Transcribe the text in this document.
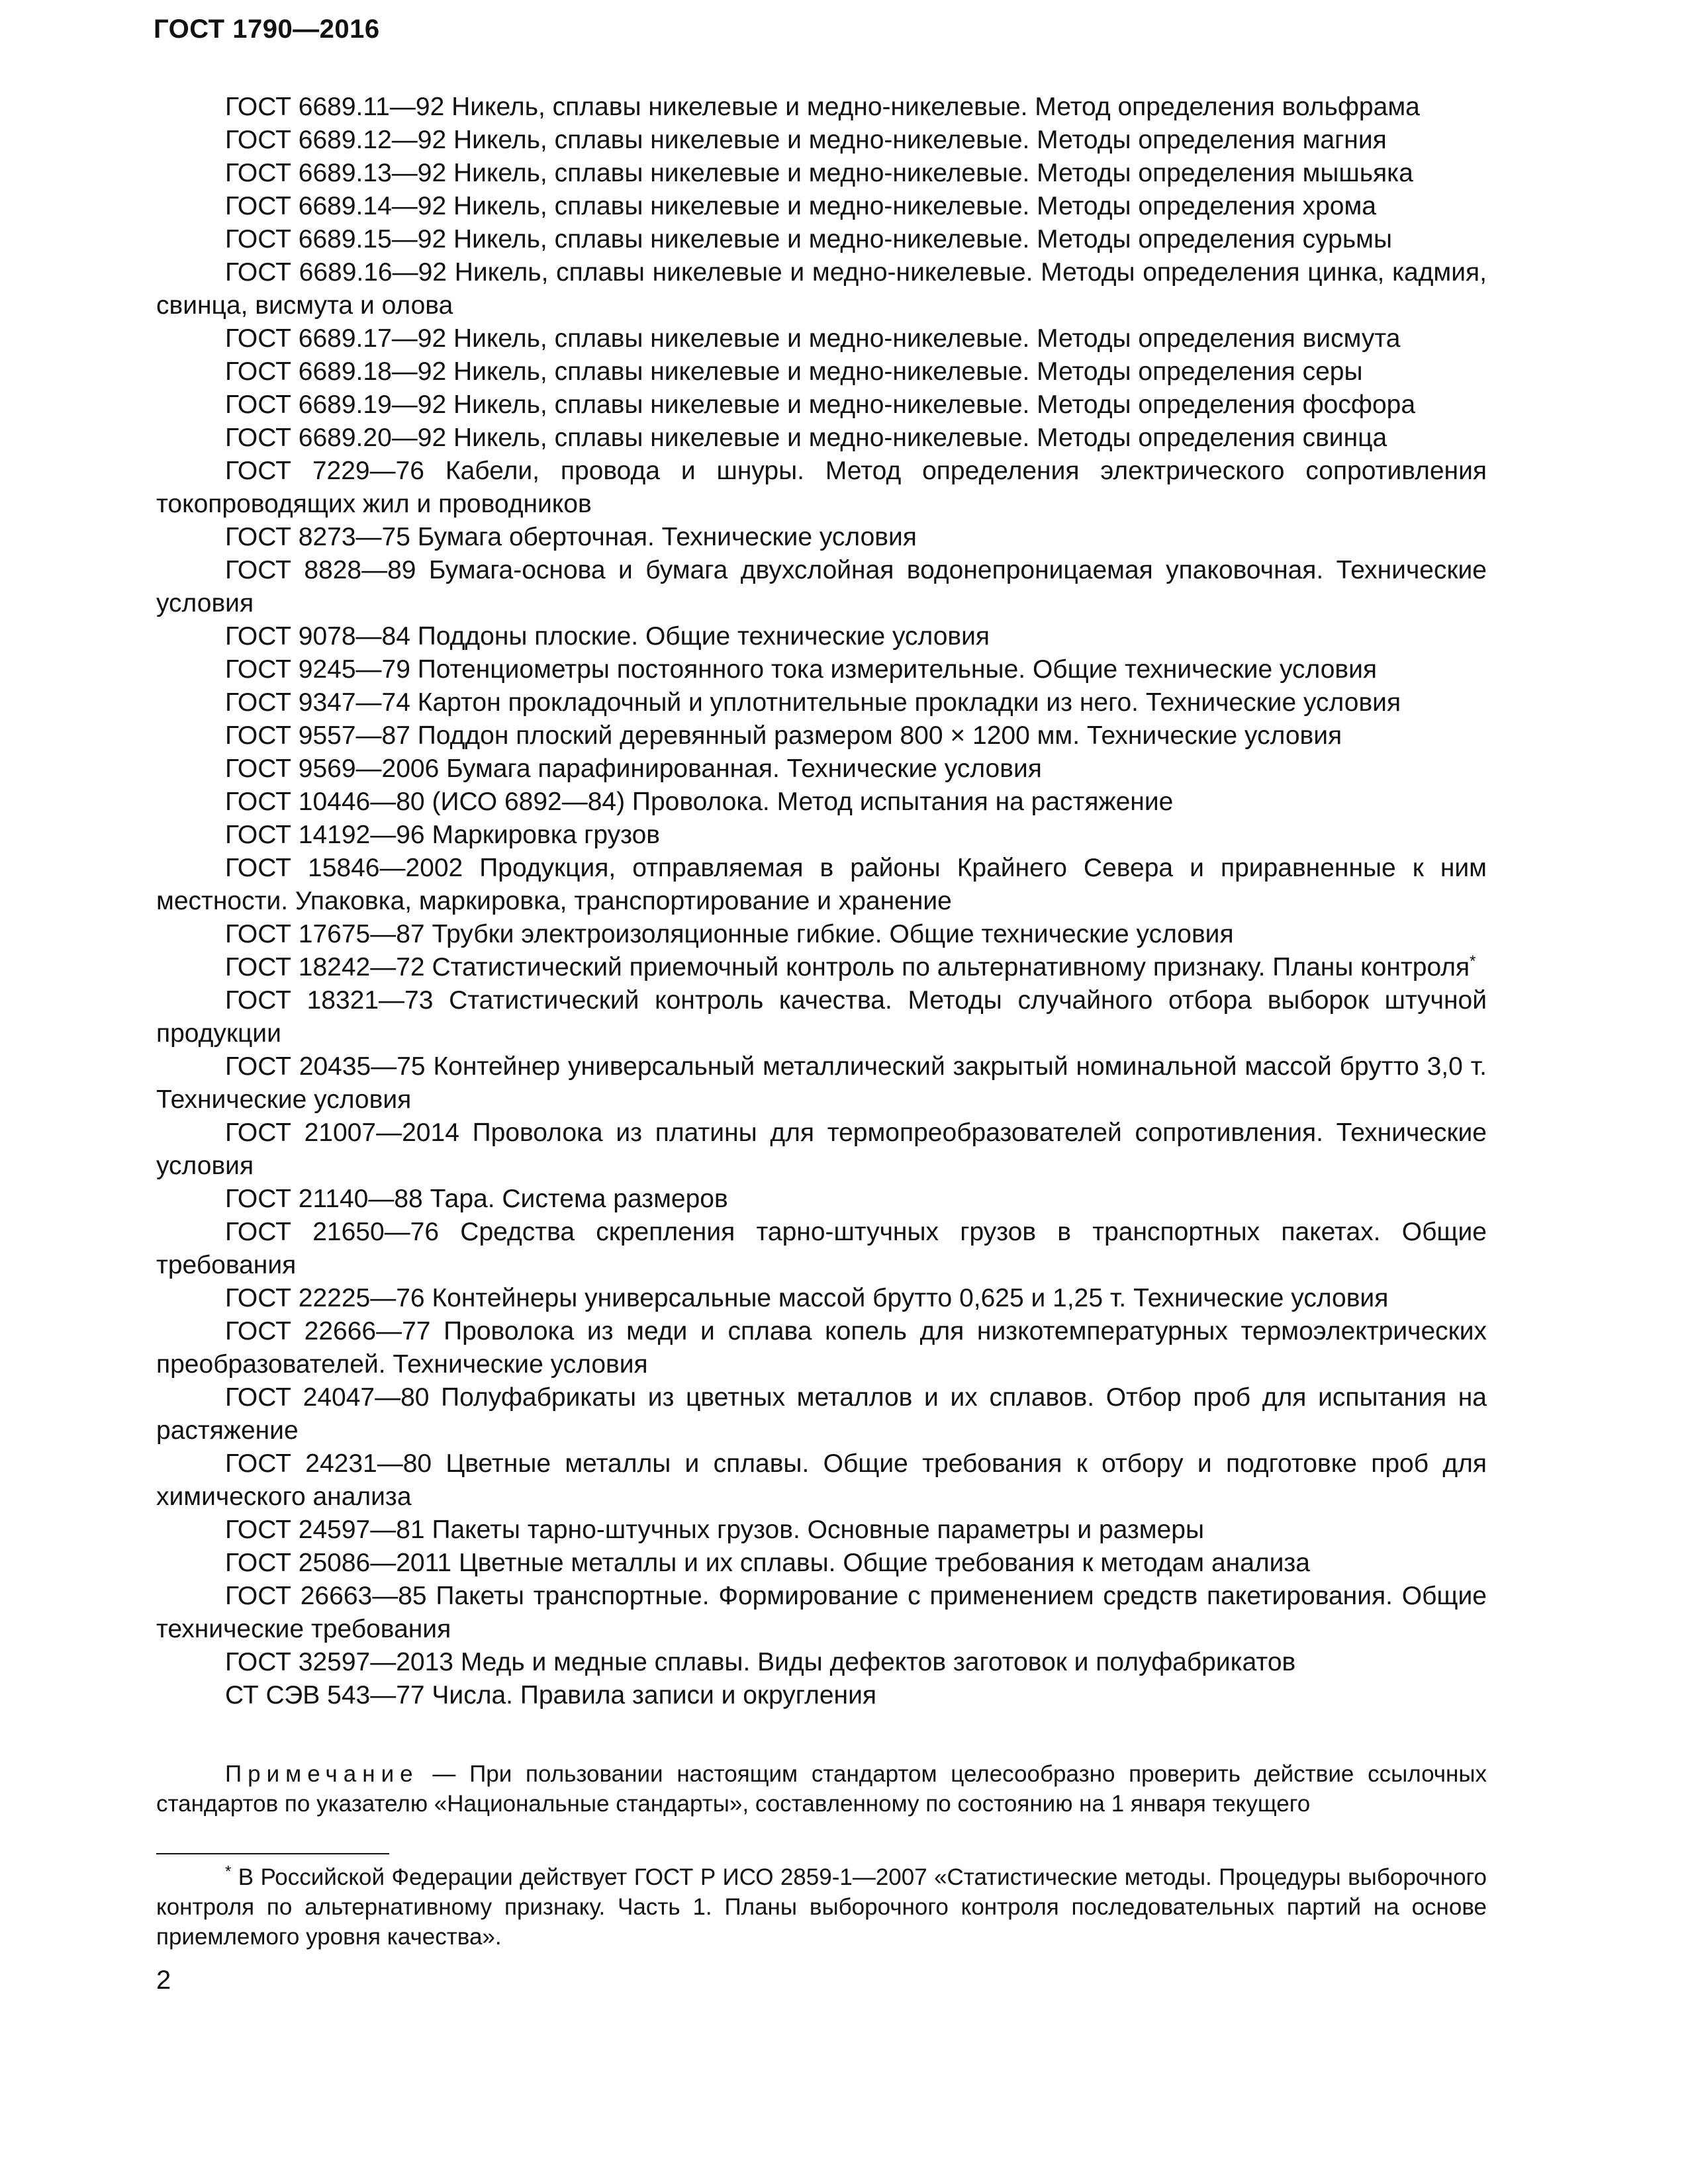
ГОСТ 1790—2016

ГОСТ 6689.11—92 Никель, сплавы никелевые и медно-никелевые. Метод определения вольфрама

ГОСТ 6689.12—92 Никель, сплавы никелевые и медно-никелевые. Методы определения магния

ГОСТ 6689.13—92 Никель, сплавы никелевые и медно-никелевые. Методы определения мышьяка

ГОСТ 6689.14—92 Никель, сплавы никелевые и медно-никелевые. Методы определения хрома

ГОСТ 6689.15—92 Никель, сплавы никелевые и медно-никелевые. Методы определения сурьмы

ГОСТ 6689.16—92 Никель, сплавы никелевые и медно-никелевые. Методы определения цинка, кадмия, свинца, висмута и олова

ГОСТ 6689.17—92 Никель, сплавы никелевые и медно-никелевые. Методы определения висмута

ГОСТ 6689.18—92 Никель, сплавы никелевые и медно-никелевые. Методы определения серы

ГОСТ 6689.19—92 Никель, сплавы никелевые и медно-никелевые. Методы определения фосфора

ГОСТ 6689.20—92 Никель, сплавы никелевые и медно-никелевые. Методы определения свинца

ГОСТ 7229—76 Кабели, провода и шнуры. Метод определения электрического сопротивления токопроводящих жил и проводников

ГОСТ 8273—75 Бумага оберточная. Технические условия

ГОСТ 8828—89 Бумага-основа и бумага двухслойная водонепроницаемая упаковочная. Технические условия

ГОСТ 9078—84 Поддоны плоские. Общие технические условия

ГОСТ 9245—79 Потенциометры постоянного тока измерительные. Общие технические условия

ГОСТ 9347—74 Картон прокладочный и уплотнительные прокладки из него. Технические условия

ГОСТ 9557—87 Поддон плоский деревянный размером 800 × 1200 мм. Технические условия

ГОСТ 9569—2006 Бумага парафинированная. Технические условия

ГОСТ 10446—80 (ИСО 6892—84) Проволока. Метод испытания на растяжение

ГОСТ 14192—96 Маркировка грузов

ГОСТ 15846—2002 Продукция, отправляемая в районы Крайнего Севера и приравненные к ним местности. Упаковка, маркировка, транспортирование и хранение

ГОСТ 17675—87 Трубки электроизоляционные гибкие. Общие технические условия

ГОСТ 18242—72 Статистический приемочный контроль по альтернативному признаку. Планы контроля*

ГОСТ 18321—73 Статистический контроль качества. Методы случайного отбора выборок штучной продукции

ГОСТ 20435—75 Контейнер универсальный металлический закрытый номинальной массой брутто 3,0 т. Технические условия

ГОСТ 21007—2014 Проволока из платины для термопреобразователей сопротивления. Технические условия

ГОСТ 21140—88 Тара. Система размеров

ГОСТ 21650—76 Средства скрепления тарно-штучных грузов в транспортных пакетах. Общие требования

ГОСТ 22225—76 Контейнеры универсальные массой брутто 0,625 и 1,25 т. Технические условия

ГОСТ 22666—77 Проволока из меди и сплава копель для низкотемпературных термоэлектрических преобразователей. Технические условия

ГОСТ 24047—80 Полуфабрикаты из цветных металлов и их сплавов. Отбор проб для испытания на растяжение

ГОСТ 24231—80 Цветные металлы и сплавы. Общие требования к отбору и подготовке проб для химического анализа

ГОСТ 24597—81 Пакеты тарно-штучных грузов. Основные параметры и размеры

ГОСТ 25086—2011 Цветные металлы и их сплавы. Общие требования к методам анализа

ГОСТ 26663—85 Пакеты транспортные. Формирование с применением средств пакетирования. Общие технические требования

ГОСТ 32597—2013 Медь и медные сплавы. Виды дефектов заготовок и полуфабрикатов

СТ СЭВ 543—77 Числа. Правила записи и округления

Примечание — При пользовании настоящим стандартом целесообразно проверить действие ссылочных стандартов по указателю «Национальные стандарты», составленному по состоянию на 1 января текущего
* В Российской Федерации действует ГОСТ Р ИСО 2859-1—2007 «Статистические методы. Процедуры выборочного контроля по альтернативному признаку. Часть 1. Планы выборочного контроля последовательных партий на основе приемлемого уровня качества».
2
